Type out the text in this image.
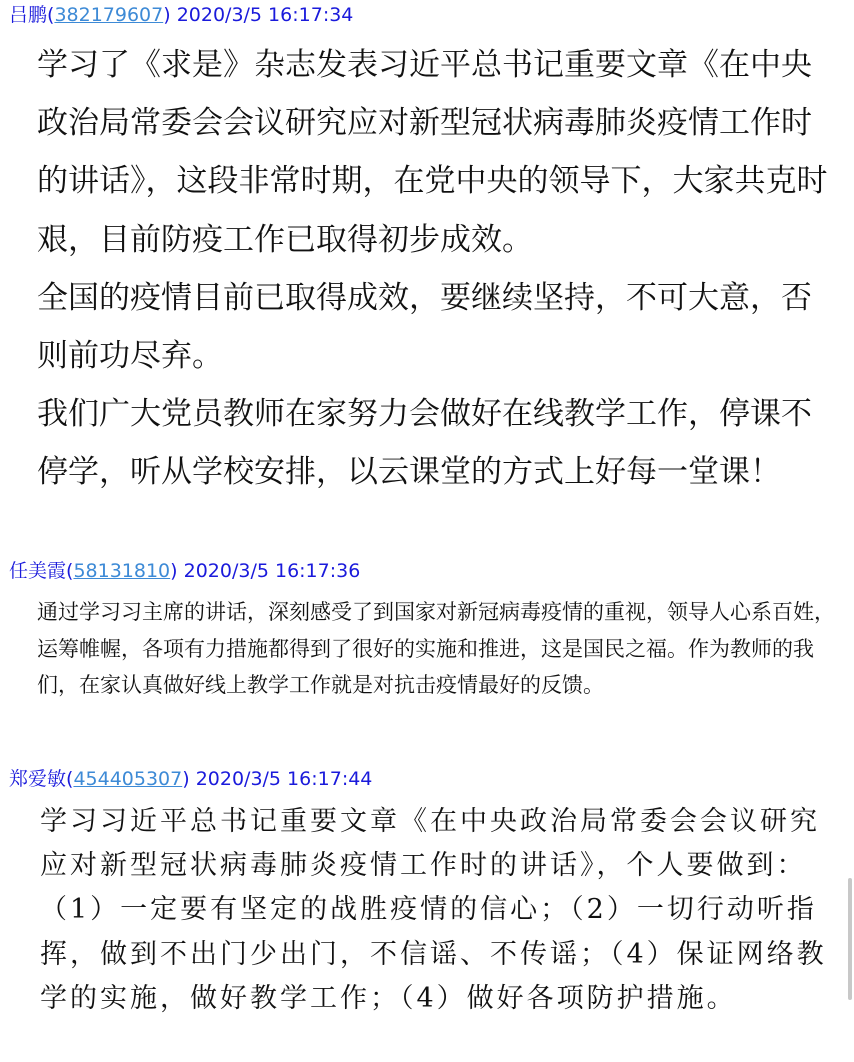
吕鹏(382179607) 2020/3/5 16:17:34
学习了《求是》杂志发表习近平总书记重要文章《在中央政治局常委会会议研究应对新型冠状病毒肺炎疫情工作时的讲话》，这段非常时期，在党中央的领导下，大家共克时艰，目前防疫工作已取得初步成效。
全国的疫情目前已取得成效，要继续坚持，不可大意，否则前功尽弃。
我们广大党员教师在家努力会做好在线教学工作，停课不停学，听从学校安排，以云课堂的方式上好每一堂课！
任美霞(58131810) 2020/3/5 16:17:36
通过学习习主席的讲话，深刻感受了到国家对新冠病毒疫情的重视，领导人心系百姓，运筹帷幄，各项有力措施都得到了很好的实施和推进，这是国民之福。作为教师的我们，在家认真做好线上教学工作就是对抗击疫情最好的反馈。
郑爱敏(454405307) 2020/3/5 16:17:44
学习习近平总书记重要文章《在中央政治局常委会会议研究应对新型冠状病毒肺炎疫情工作时的讲话》，个人要做到：（1）一定要有坚定的战胜疫情的信心；（2）一切行动听指挥，做到不出门少出门，不信谣、不传谣；（4）保证网络教学的实施，做好教学工作；（4）做好各项防护措施。
